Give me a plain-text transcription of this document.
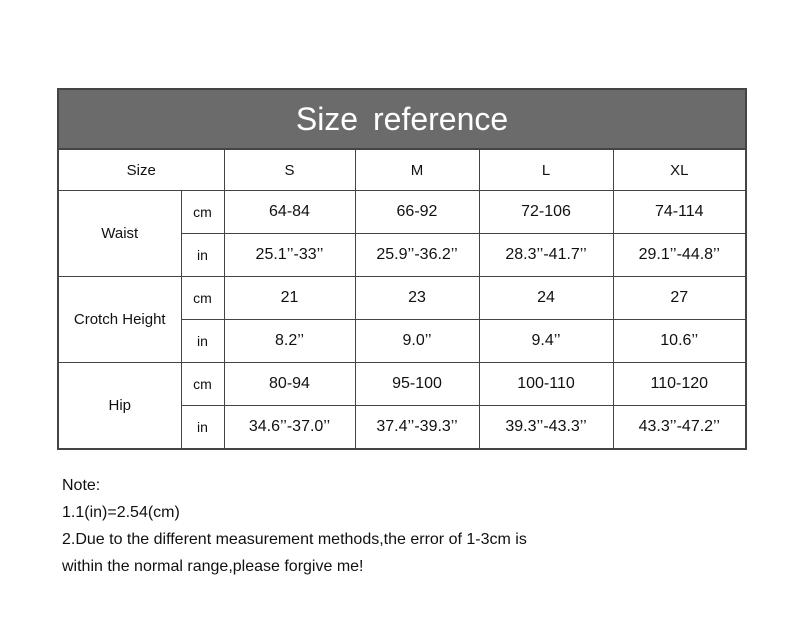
Size reference					
Size		S	M	L	XL
Waist	cm	64-84	66-92	72-106	74-114
	in	25.1’’-33’’	25.9’’-36.2’’	28.3’’-41.7’’	29.1’’-44.8’’
Crotch Height	cm	21	23	24	27
	in	8.2’’	9.0’’	9.4’’	10.6’’
Hip	cm	80-94	95-100	100-110	110-120
	in	34.6’’-37.0’’	37.4’’-39.3’’	39.3’’-43.3’’	43.3’’-47.2’’
Note:
1.1(in)=2.54(cm)
2.Due to the different measurement methods,the error of 1-3cm is
within the normal range,please forgive me!
